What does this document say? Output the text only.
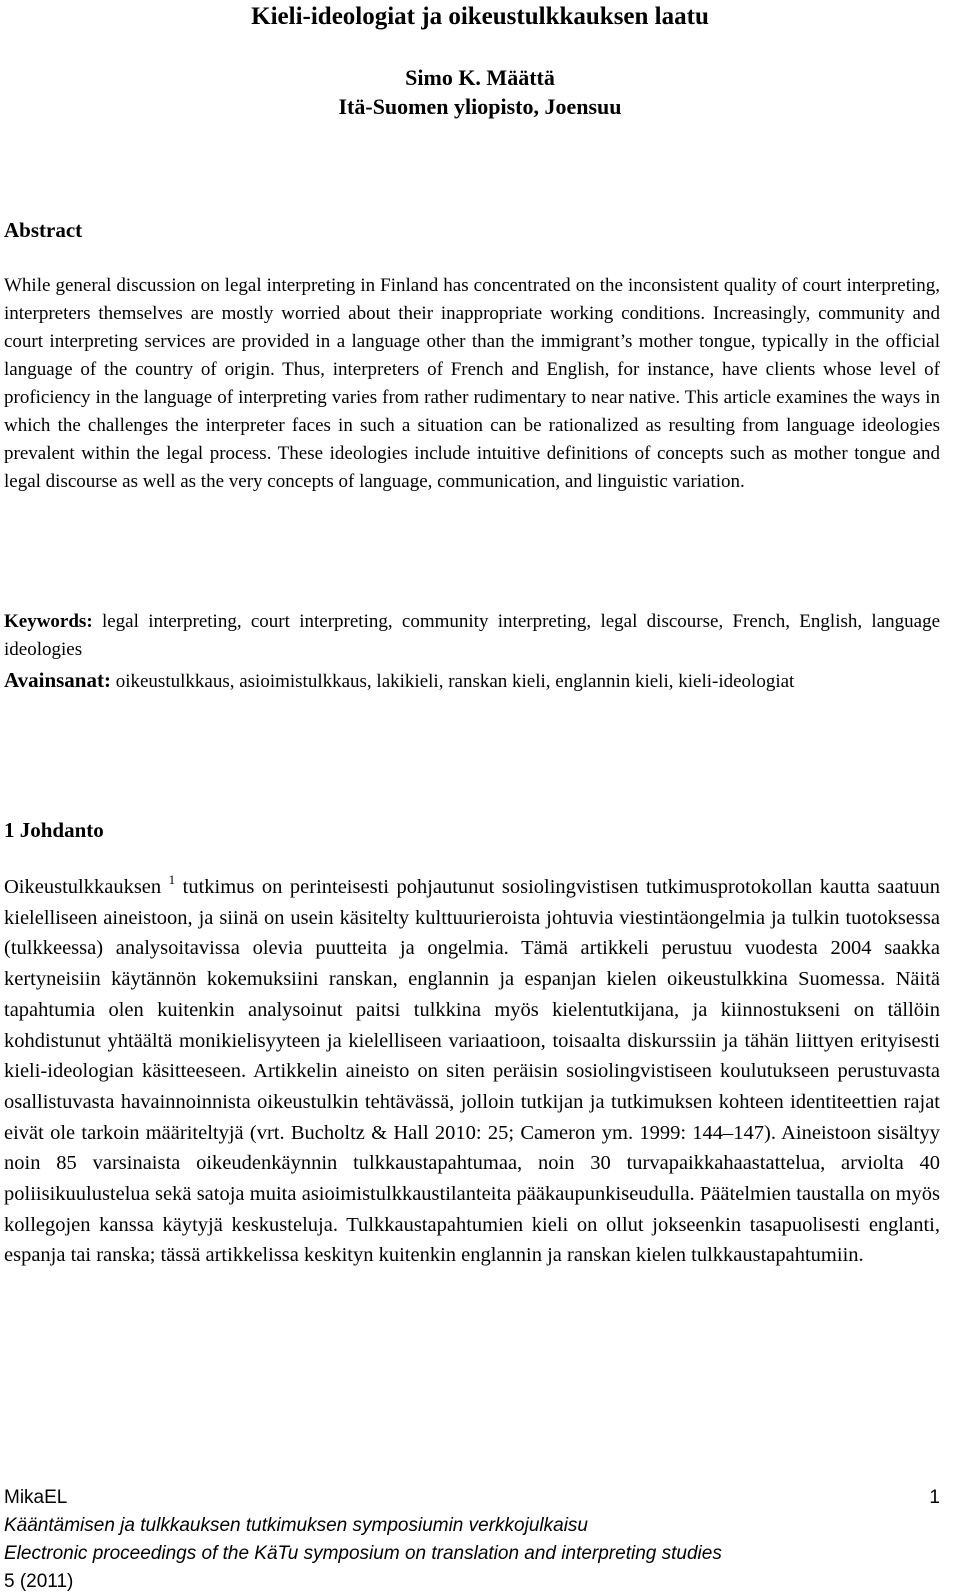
Kieli-ideologiat ja oikeustulkkauksen laatu
Simo K. Määttä
Itä-Suomen yliopisto, Joensuu
Abstract

While general discussion on legal interpreting in Finland has concentrated on the inconsistent quality of court interpreting, interpreters themselves are mostly worried about their inappropriate working conditions. Increasingly, community and court interpreting services are provided in a language other than the immigrant’s mother tongue, typically in the official language of the country of origin. Thus, interpreters of French and English, for instance, have clients whose level of proficiency in the language of interpreting varies from rather rudimentary to near native. This article examines the ways in which the challenges the interpreter faces in such a situation can be rationalized as resulting from language ideologies prevalent within the legal process. These ideologies include intuitive definitions of concepts such as mother tongue and legal discourse as well as the very concepts of language, communication, and linguistic variation.

Keywords: legal interpreting, court interpreting, community interpreting, legal discourse, French, English, language ideologies

Avainsanat: oikeustulkkaus, asioimistulkkaus, lakikieli, ranskan kieli, englannin kieli, kieli-ideologiat

1 Johdanto

Oikeustulkkauksen $^1$ tutkimus on perinteisesti pohjautunut sosiolingvistisen tutkimusprotokollan kautta saatuun kielelliseen aineistoon, ja siinä on usein käsitelty kulttuurieroista johtuvia viestintäongelmia ja tulkin tuotoksessa (tulkkeessa) analysoitavissa olevia puutteita ja ongelmia. Tämä artikkeli perustuu vuodesta 2004 saakka kertyneisiin käytännön kokemuksiini ranskan, englannin ja espanjan kielen oikeustulkkina Suomessa. Näitä tapahtumia olen kuitenkin analysoinut paitsi tulkkina myös kielentutkijana, ja kiinnostukseni on tällöin kohdistunut yhtäältä monikielisyyteen ja kielelliseen variaatioon, toisaalta diskurssiin ja tähän liittyen erityisesti kieli-ideologian käsitteeseen. Artikkelin aineisto on siten peräisin sosiolingvistiseen koulutukseen perustuvasta osallistuvasta havainnoinnista oikeustulkin tehtävässä, jolloin tutkijan ja tutkimuksen kohteen identiteettien rajat eivät ole tarkoin määriteltyjä (vrt. Bucholtz & Hall 2010: 25; Cameron ym. 1999: 144–147). Aineistoon sisältyy noin 85 varsinaista oikeudenkäynnin tulkkaustapahtumaa, noin 30 turvapaikkahaastattelua, arviolta 40 poliisikuulustelua sekä satoja muita asioimistulkkaustilanteita pääkaupunkiseudulla. Päätelmien taustalla on myös kollegojen kanssa käytyjä keskusteluja. Tulkkaustapahtumien kieli on ollut jokseenkin tasapuolisesti englanti, espanja tai ranska; tässä artikkelissa keskityn kuitenkin englannin ja ranskan kielen tulkkaustapahtumiin.

MikaEL	1
Kääntämisen ja tulkkauksen tutkimuksen symposiumin verkkojulkaisu
Electronic proceedings of the KäTu symposium on translation and interpreting studies
5 (2011)
